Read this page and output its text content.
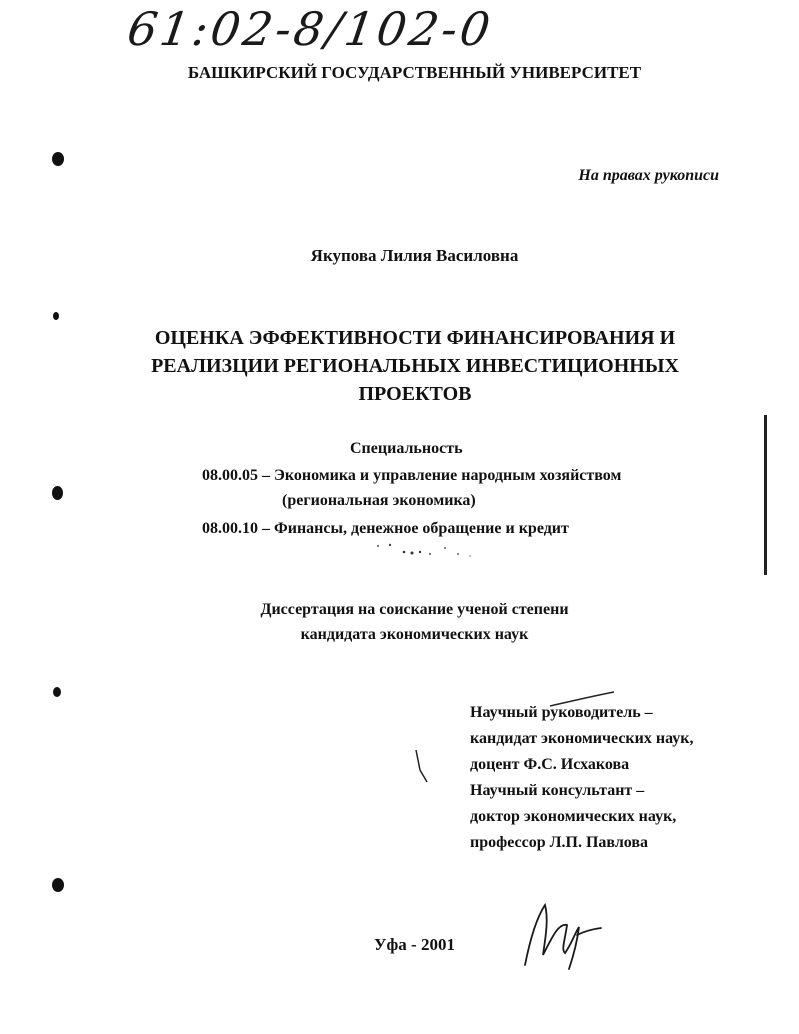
61:02-8/102-0
БАШКИРСКИЙ ГОСУДАРСТВЕННЫЙ УНИВЕРСИТЕТ
На правах рукописи
Якупова Лилия Василовна
ОЦЕНКА ЭФФЕКТИВНОСТИ ФИНАНСИРОВАНИЯ И
РЕАЛИЗЦИИ РЕГИОНАЛЬНЫХ ИНВЕСТИЦИОННЫХ
ПРОЕКТОВ
Специальность
08.00.05 – Экономика и управление народным хозяйством
(региональная экономика)
08.00.10 – Финансы, денежное обращение и кредит
Диссертация на соискание ученой степени
кандидата экономических наук
Научный руководитель –
кандидат экономических наук,
доцент Ф.С. Исхакова
Научный консультант –
доктор экономических наук,
профессор Л.П. Павлова
Уфа - 2001
